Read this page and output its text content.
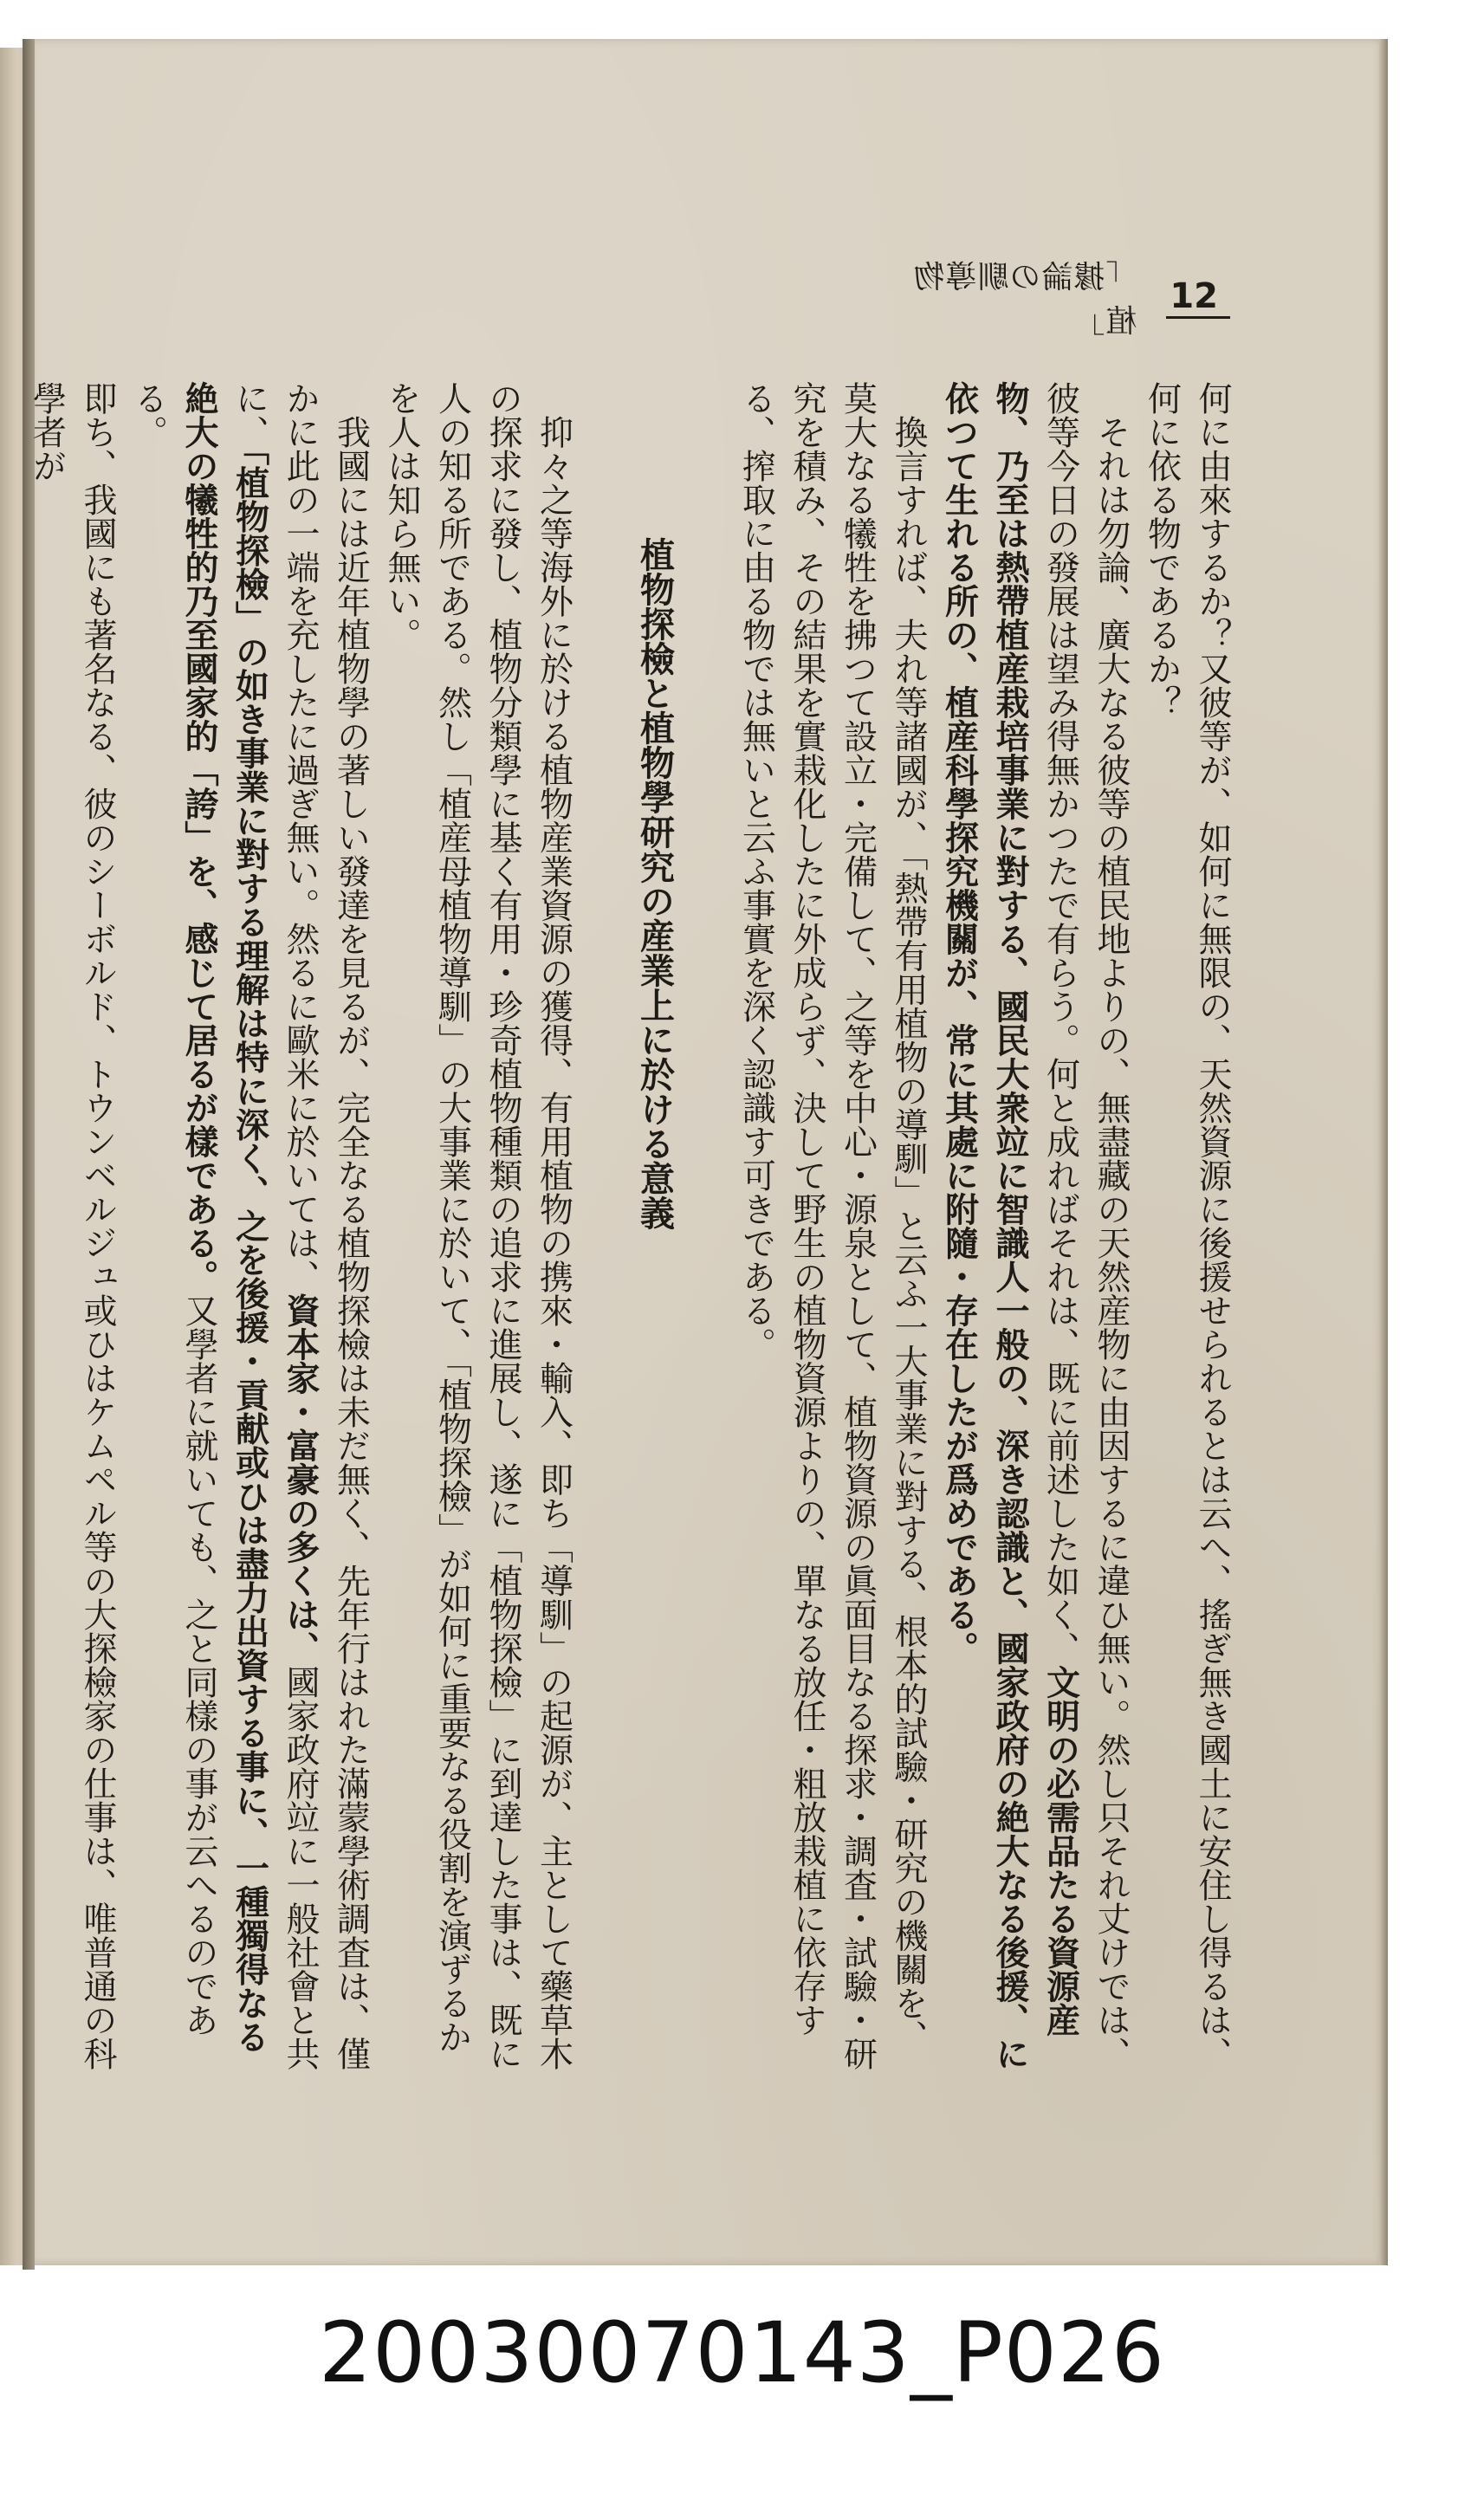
「據論の馴導物植」
12

何に由來するか？又彼等が、如何に無限の、天然資源に後援せられるとは云へ、搖ぎ無き國土に安住し得るは、何に依る物であるか？

それは勿論、廣大なる彼等の植民地よりの、無盡藏の天然産物に由因するに違ひ無い。然し只それ丈けでは、彼等今日の發展は望み得無かつたで有らう。何と成ればそれは、既に前述した如く、文明の必需品たる資源産物、乃至は熱帶植産栽培事業に對する、國民大衆竝に智識人一般の、深き認識と、國家政府の絶大なる後援、に依つて生れる所の、植産科學探究機關が、常に其處に附隨・存在したが爲めである。

換言すれば、夫れ等諸國が、「熱帶有用植物の導馴」と云ふ一大事業に對する、根本的試驗・研究の機關を、莫大なる犧牲を拂つて設立・完備して、之等を中心・源泉として、植物資源の眞面目なる探求・調査・試驗・研究を積み、その結果を實栽化したに外成らず、決して野生の植物資源よりの、單なる放任・粗放栽植に依存する、搾取に由る物では無いと云ふ事實を深く認識す可きである。

植物探檢と植物學研究の産業上に於ける意義

抑々之等海外に於ける植物産業資源の獲得、有用植物の携來・輸入、即ち「導馴」の起源が、主として藥草木の探求に發し、植物分類學に基く有用・珍奇植物種類の追求に進展し、遂に「植物探檢」に到達した事は、既に人の知る所である。然し「植産母植物導馴」の大事業に於いて、「植物探檢」が如何に重要なる役割を演ずるかを人は知ら無い。

我國には近年植物學の著しい發達を見るが、完全なる植物探檢は未だ無く、先年行はれた滿蒙學術調査は、僅かに此の一端を充したに過ぎ無い。然るに歐米に於いては、資本家・富豪の多くは、國家政府竝に一般社會と共に、「植物探檢」の如き事業に對する理解は特に深く、之を後援・貢献或ひは盡力出資する事に、一種獨得なる絶大の犧牲的乃至國家的「誇」を、感じて居るが樣である。又學者に就いても、之と同樣の事が云へるのである。

即ち、我國にも著名なる、彼のシーボルド、トウンベルジュ或ひはケムペル等の大探檢家の仕事は、唯普通の科學者が

20030070143_P026
